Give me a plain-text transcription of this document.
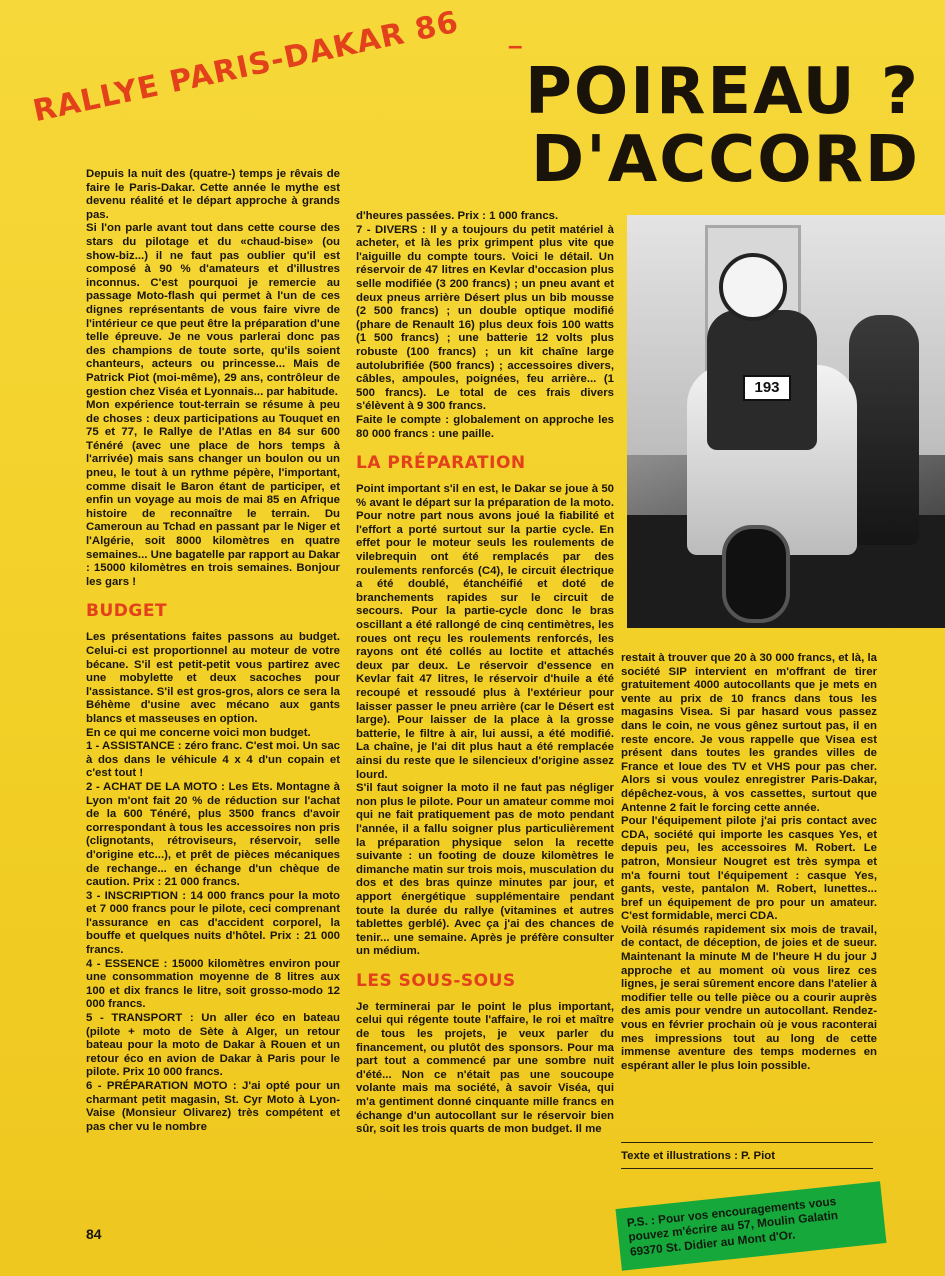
RALLYE PARIS-DAKAR 86 –
POIREAU ?
D'ACCORD

Depuis la nuit des (quatre-) temps je rêvais de faire le Paris-Dakar. Cette année le mythe est devenu réalité et le départ approche à grands pas.

Si l'on parle avant tout dans cette course des stars du pilotage et du «chaud-bise» (ou show-biz...) il ne faut pas oublier qu'il est composé à 90 % d'amateurs et d'illustres inconnus. C'est pourquoi je remercie au passage Moto-flash qui permet à l'un de ces dignes représentants de vous faire vivre de l'intérieur ce que peut être la préparation d'une telle épreuve. Je ne vous parlerai donc pas des champions de toute sorte, qu'ils soient chanteurs, acteurs ou princesse... Mais de Patrick Piot (moi-même), 29 ans, contrôleur de gestion chez Viséa et Lyonnais... par habitude.

Mon expérience tout-terrain se résume à peu de choses : deux participations au Touquet en 75 et 77, le Rallye de l'Atlas en 84 sur 600 Ténéré (avec une place de hors temps à l'arrivée) mais sans changer un boulon ou un pneu, le tout à un rythme pépère, l'important, comme disait le Baron étant de participer, et enfin un voyage au mois de mai 85 en Afrique histoire de reconnaître le terrain. Du Cameroun au Tchad en passant par le Niger et l'Algérie, soit 8000 kilomètres en quatre semaines... Une bagatelle par rapport au Dakar : 15000 kilomètres en trois semaines. Bonjour les gars !

BUDGET

Les présentations faites passons au budget. Celui-ci est proportionnel au moteur de votre bécane. S'il est petit-petit vous partirez avec une mobylette et deux sacoches pour l'assistance. S'il est gros-gros, alors ce sera la Béhème d'usine avec mécano aux gants blancs et masseuses en option.

En ce qui me concerne voici mon budget.

1 - ASSISTANCE : zéro franc. C'est moi. Un sac à dos dans le véhicule 4 x 4 d'un copain et c'est tout !

2 - ACHAT DE LA MOTO : Les Ets. Montagne à Lyon m'ont fait 20 % de réduction sur l'achat de la 600 Ténéré, plus 3500 francs d'avoir correspondant à tous les accessoires non pris (clignotants, rétroviseurs, réservoir, selle d'origine etc...), et prêt de pièces mécaniques de rechange... en échange d'un chèque de caution. Prix : 21 000 francs.

3 - INSCRIPTION : 14 000 francs pour la moto et 7 000 francs pour le pilote, ceci comprenant l'assurance en cas d'accident corporel, la bouffe et quelques nuits d'hôtel. Prix : 21 000 francs.

4 - ESSENCE : 15000 kilomètres environ pour une consommation moyenne de 8 litres aux 100 et dix francs le litre, soit grosso-modo 12 000 francs.

5 - TRANSPORT : Un aller éco en bateau (pilote + moto de Sète à Alger, un retour bateau pour la moto de Dakar à Rouen et un retour éco en avion de Dakar à Paris pour le pilote. Prix 10 000 francs.

6 - PRÉPARATION MOTO : J'ai opté pour un charmant petit magasin, St. Cyr Moto à Lyon-Vaise (Monsieur Olivarez) très compétent et pas cher vu le nombre

d'heures passées. Prix : 1 000 francs.

7 - DIVERS : Il y a toujours du petit matériel à acheter, et là les prix grimpent plus vite que l'aiguille du compte tours. Voici le détail. Un réservoir de 47 litres en Kevlar d'occasion plus selle modifiée (3 200 francs) ; un pneu avant et deux pneus arrière Désert plus un bib mousse (2 500 francs) ; un double optique modifié (phare de Renault 16) plus deux fois 100 watts (1 500 francs) ; une batterie 12 volts plus robuste (100 francs) ; un kit chaîne large autolubrifiée (500 francs) ; accessoires divers, câbles, ampoules, poignées, feu arrière... (1 500 francs). Le total de ces frais divers s'élèvent à 9 300 francs.

Faite le compte : globalement on approche les 80 000 francs : une paille.

LA PRÉPARATION

Point important s'il en est, le Dakar se joue à 50 % avant le départ sur la préparation de la moto. Pour notre part nous avons joué la fiabilité et l'effort a porté surtout sur la partie cycle. En effet pour le moteur seuls les roulements de vilebrequin ont été remplacés par des roulements renforcés (C4), le circuit électrique a été doublé, étanchéifié et doté de branchements rapides sur le circuit de secours. Pour la partie-cycle donc le bras oscillant a été rallongé de cinq centimètres, les roues ont reçu les roulements renforcés, les rayons ont été collés au loctite et attachés deux par deux. Le réservoir d'essence en Kevlar fait 47 litres, le réservoir d'huile a été recoupé et ressoudé plus à l'extérieur pour laisser passer le pneu arrière (car le Désert est large). Pour laisser de la place à la grosse batterie, le filtre à air, lui aussi, a été modifié. La chaîne, je l'ai dit plus haut a été remplacée ainsi du reste que le silencieux d'origine assez lourd.

S'il faut soigner la moto il ne faut pas négliger non plus le pilote. Pour un amateur comme moi qui ne fait pratiquement pas de moto pendant l'année, il a fallu soigner plus particulièrement la préparation physique selon la recette suivante : un footing de douze kilomètres le dimanche matin sur trois mois, musculation du dos et des bras quinze minutes par jour, et apport énergétique supplémentaire pendant toute la durée du rallye (vitamines et autres tablettes gerblé). Avec ça j'ai des chances de tenir... une semaine. Après je préfère consulter un médium.

LES SOUS-SOUS

Je terminerai par le point le plus important, celui qui régente toute l'affaire, le roi et maître de tous les projets, je veux parler du financement, ou plutôt des sponsors. Pour ma part tout a commencé par une sombre nuit d'été... Non ce n'était pas une soucoupe volante mais ma société, à savoir Viséa, qui m'a gentiment donné cinquante mille francs en échange d'un autocollant sur le réservoir bien sûr, soit les trois quarts de mon budget. Il me

193

restait à trouver que 20 à 30 000 francs, et là, la société SIP intervient en m'offrant de tirer gratuitement 4000 autocollants que je mets en vente au prix de 10 francs dans tous les magasins Visea. Si par hasard vous passez dans le coin, ne vous gênez surtout pas, il en reste encore. Je vous rappelle que Visea est présent dans toutes les grandes villes de France et loue des TV et VHS pour pas cher. Alors si vous voulez enregistrer Paris-Dakar, dépêchez-vous, à vos cassettes, surtout que Antenne 2 fait le forcing cette année.

Pour l'équipement pilote j'ai pris contact avec CDA, société qui importe les casques Yes, et depuis peu, les accessoires M. Robert. Le patron, Monsieur Nougret est très sympa et m'a fourni tout l'équipement : casque Yes, gants, veste, pantalon M. Robert, lunettes... bref un équipement de pro pour un amateur. C'est formidable, merci CDA.

Voilà résumés rapidement six mois de travail, de contact, de déception, de joies et de sueur. Maintenant la minute M de l'heure H du jour J approche et au moment où vous lirez ces lignes, je serai sûrement encore dans l'atelier à modifier telle ou telle pièce ou a courir auprès des amis pour vendre un autocollant. Rendez-vous en février prochain où je vous raconterai mes impressions tout au long de cette immense aventure des temps modernes en espérant aller le plus loin possible.

Texte et illustrations : P. Piot
P.S. : Pour vos encouragements vous pouvez m'écrire au 57, Moulin Galatin 69370 St. Didier au Mont d'Or.
84
